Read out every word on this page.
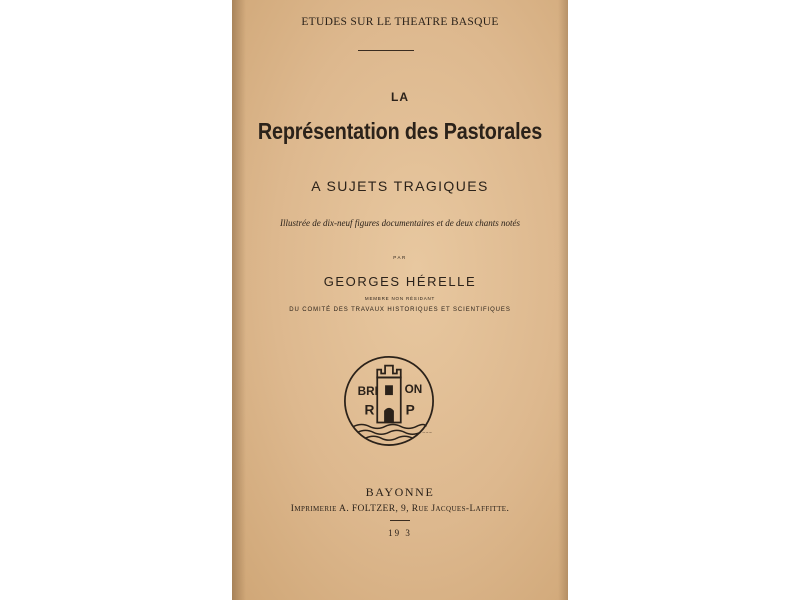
ETUDES SUR LE THEATRE BASQUE
LA
Représentation des Pastorales
A SUJETS TRAGIQUES
Illustrée de dix-neuf figures documentaires et de deux chants notés
PAR
GEORGES HÉRELLE
MEMBRE NON RÉSIDANT
DU COMITÉ DES TRAVAUX HISTORIQUES ET SCIENTIFIQUES
BRI ON
R P
~~~
BAYONNE
Imprimerie A. FOLTZER, 9, Rue Jacques-Laffitte.
19 3
